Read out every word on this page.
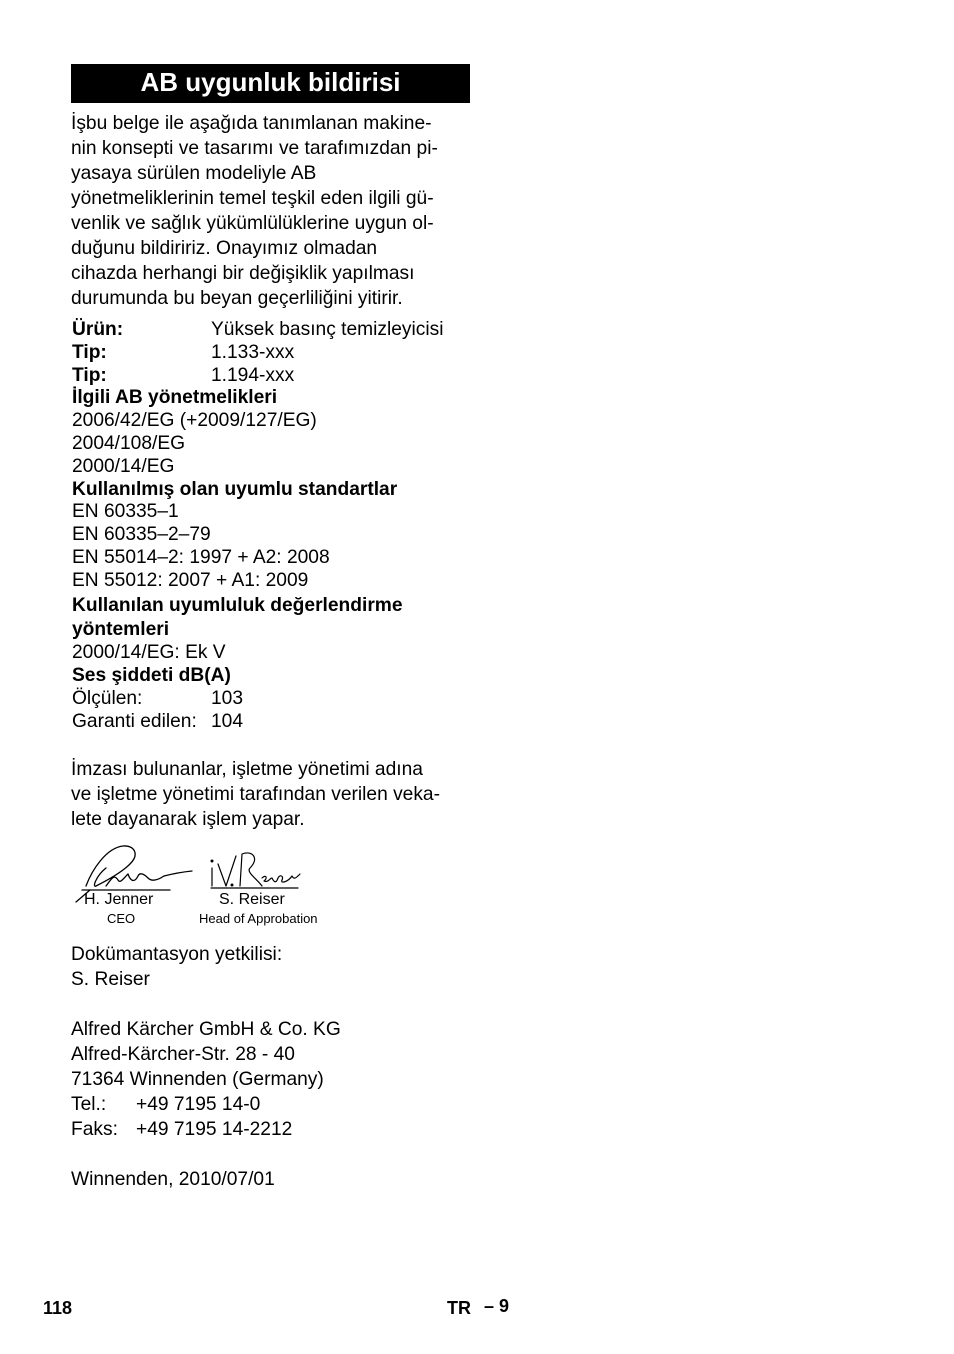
AB uygunluk bildirisi

İşbu belge ile aşağıda tanımlanan makine-
nin konsepti ve tasarımı ve tarafımızdan pi-
yasaya sürülen modeliyle AB
yönetmeliklerinin temel teşkil eden ilgili gü-
venlik ve sağlık yükümlülüklerine uygun ol-
duğunu bildiririz. Onayımız olmadan
cihazda herhangi bir değişiklik yapılması
durumunda bu beyan geçerliliğini yitirir.

Ürün:	Yüksek basınç temizleyicisi
Tip:	1.133-xxx
Tip:	1.194-xxx
İlgili AB yönetmelikleri
2006/42/EG (+2009/127/EG)
2004/108/EG
2000/14/EG
Kullanılmış olan uyumlu standartlar
EN 60335–1
EN 60335–2–79
EN 55014–2: 1997 + A2: 2008
EN 55012: 2007 + A1: 2009
Kullanılan uyumluluk değerlendirme
yöntemleri
2000/14/EG: Ek V
Ses şiddeti dB(A)
Ölçülen:	103
Garanti edilen: 104

İmzası bulunanlar, işletme yönetimi adına
ve işletme yönetimi tarafından verilen veka-
lete dayanarak işlem yapar.

H. Jenner
CEO
S. Reiser
Head of Approbation
Dokümantasyon yetkilisi:
S. Reiser
Alfred Kärcher GmbH & Co. KG
Alfred-Kärcher-Str. 28 - 40
71364 Winnenden (Germany)
Tel.:	+49 7195 14-0
Faks: +49 7195 14-2212
Winnenden, 2010/07/01
118	TR – 9
